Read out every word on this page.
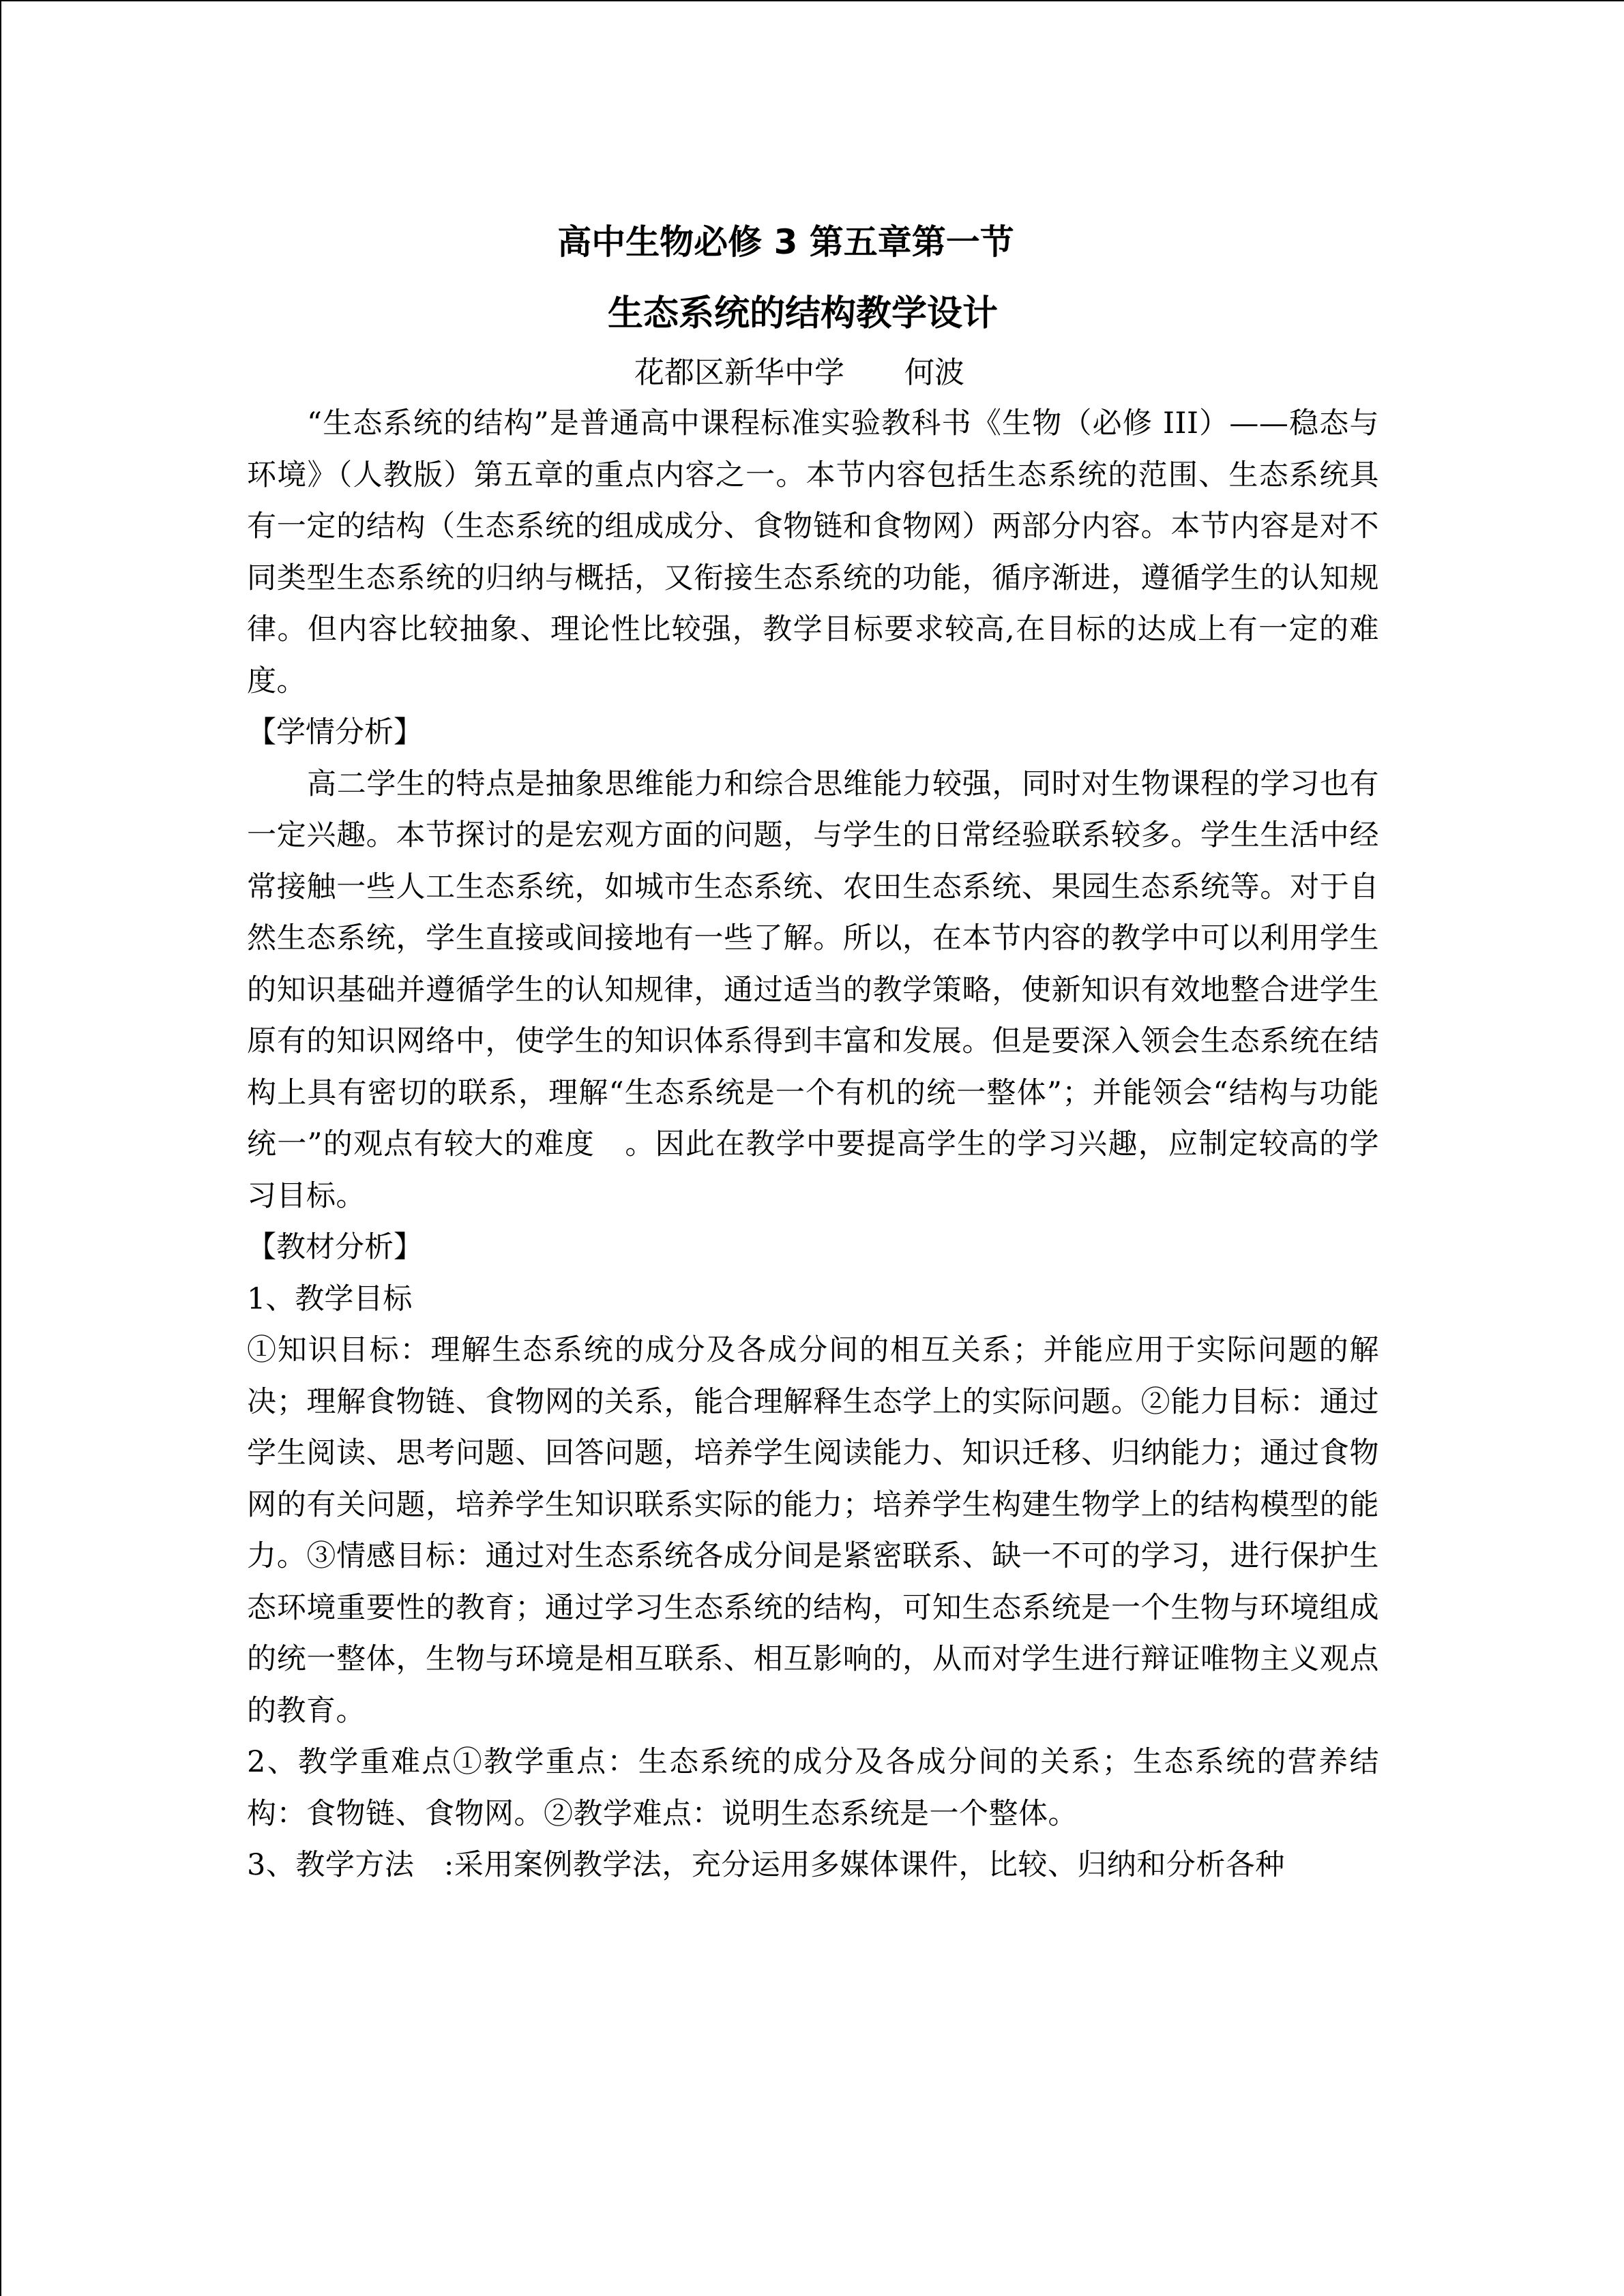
高中生物必修 3 第五章第一节
生态系统的结构教学设计
花都区新华中学　　何波

“生态系统的结构”是普通高中课程标准实验教科书《生物（必修 III）——稳态与环境》（人教版）第五章的重点内容之一。本节内容包括生态系统的范围、生态系统具有一定的结构（生态系统的组成成分、食物链和食物网）两部分内容。本节内容是对不同类型生态系统的归纳与概括，又衔接生态系统的功能，循序渐进，遵循学生的认知规律。但内容比较抽象、理论性比较强，教学目标要求较高,在目标的达成上有一定的难度。

【学情分析】

高二学生的特点是抽象思维能力和综合思维能力较强，同时对生物课程的学习也有一定兴趣。本节探讨的是宏观方面的问题，与学生的日常经验联系较多。学生生活中经常接触一些人工生态系统，如城市生态系统、农田生态系统、果园生态系统等。对于自然生态系统，学生直接或间接地有一些了解。所以，在本节内容的教学中可以利用学生的知识基础并遵循学生的认知规律，通过适当的教学策略，使新知识有效地整合进学生原有的知识网络中，使学生的知识体系得到丰富和发展。但是要深入领会生态系统在结构上具有密切的联系，理解“生态系统是一个有机的统一整体”；并能领会“结构与功能统一”的观点有较大的难度　。因此在教学中要提高学生的学习兴趣，应制定较高的学习目标。

【教材分析】
1、教学目标

①知识目标：理解生态系统的成分及各成分间的相互关系；并能应用于实际问题的解决；理解食物链、食物网的关系，能合理解释生态学上的实际问题。②能力目标：通过学生阅读、思考问题、回答问题，培养学生阅读能力、知识迁移、归纳能力；通过食物网的有关问题，培养学生知识联系实际的能力；培养学生构建生物学上的结构模型的能力。③情感目标：通过对生态系统各成分间是紧密联系、缺一不可的学习，进行保护生态环境重要性的教育；通过学习生态系统的结构，可知生态系统是一个生物与环境组成的统一整体，生物与环境是相互联系、相互影响的，从而对学生进行辩证唯物主义观点的教育。

2、教学重难点①教学重点：生态系统的成分及各成分间的关系；生态系统的营养结构：食物链、食物网。②教学难点：说明生态系统是一个整体。

3、教学方法　:采用案例教学法，充分运用多媒体课件，比较、归纳和分析各种
